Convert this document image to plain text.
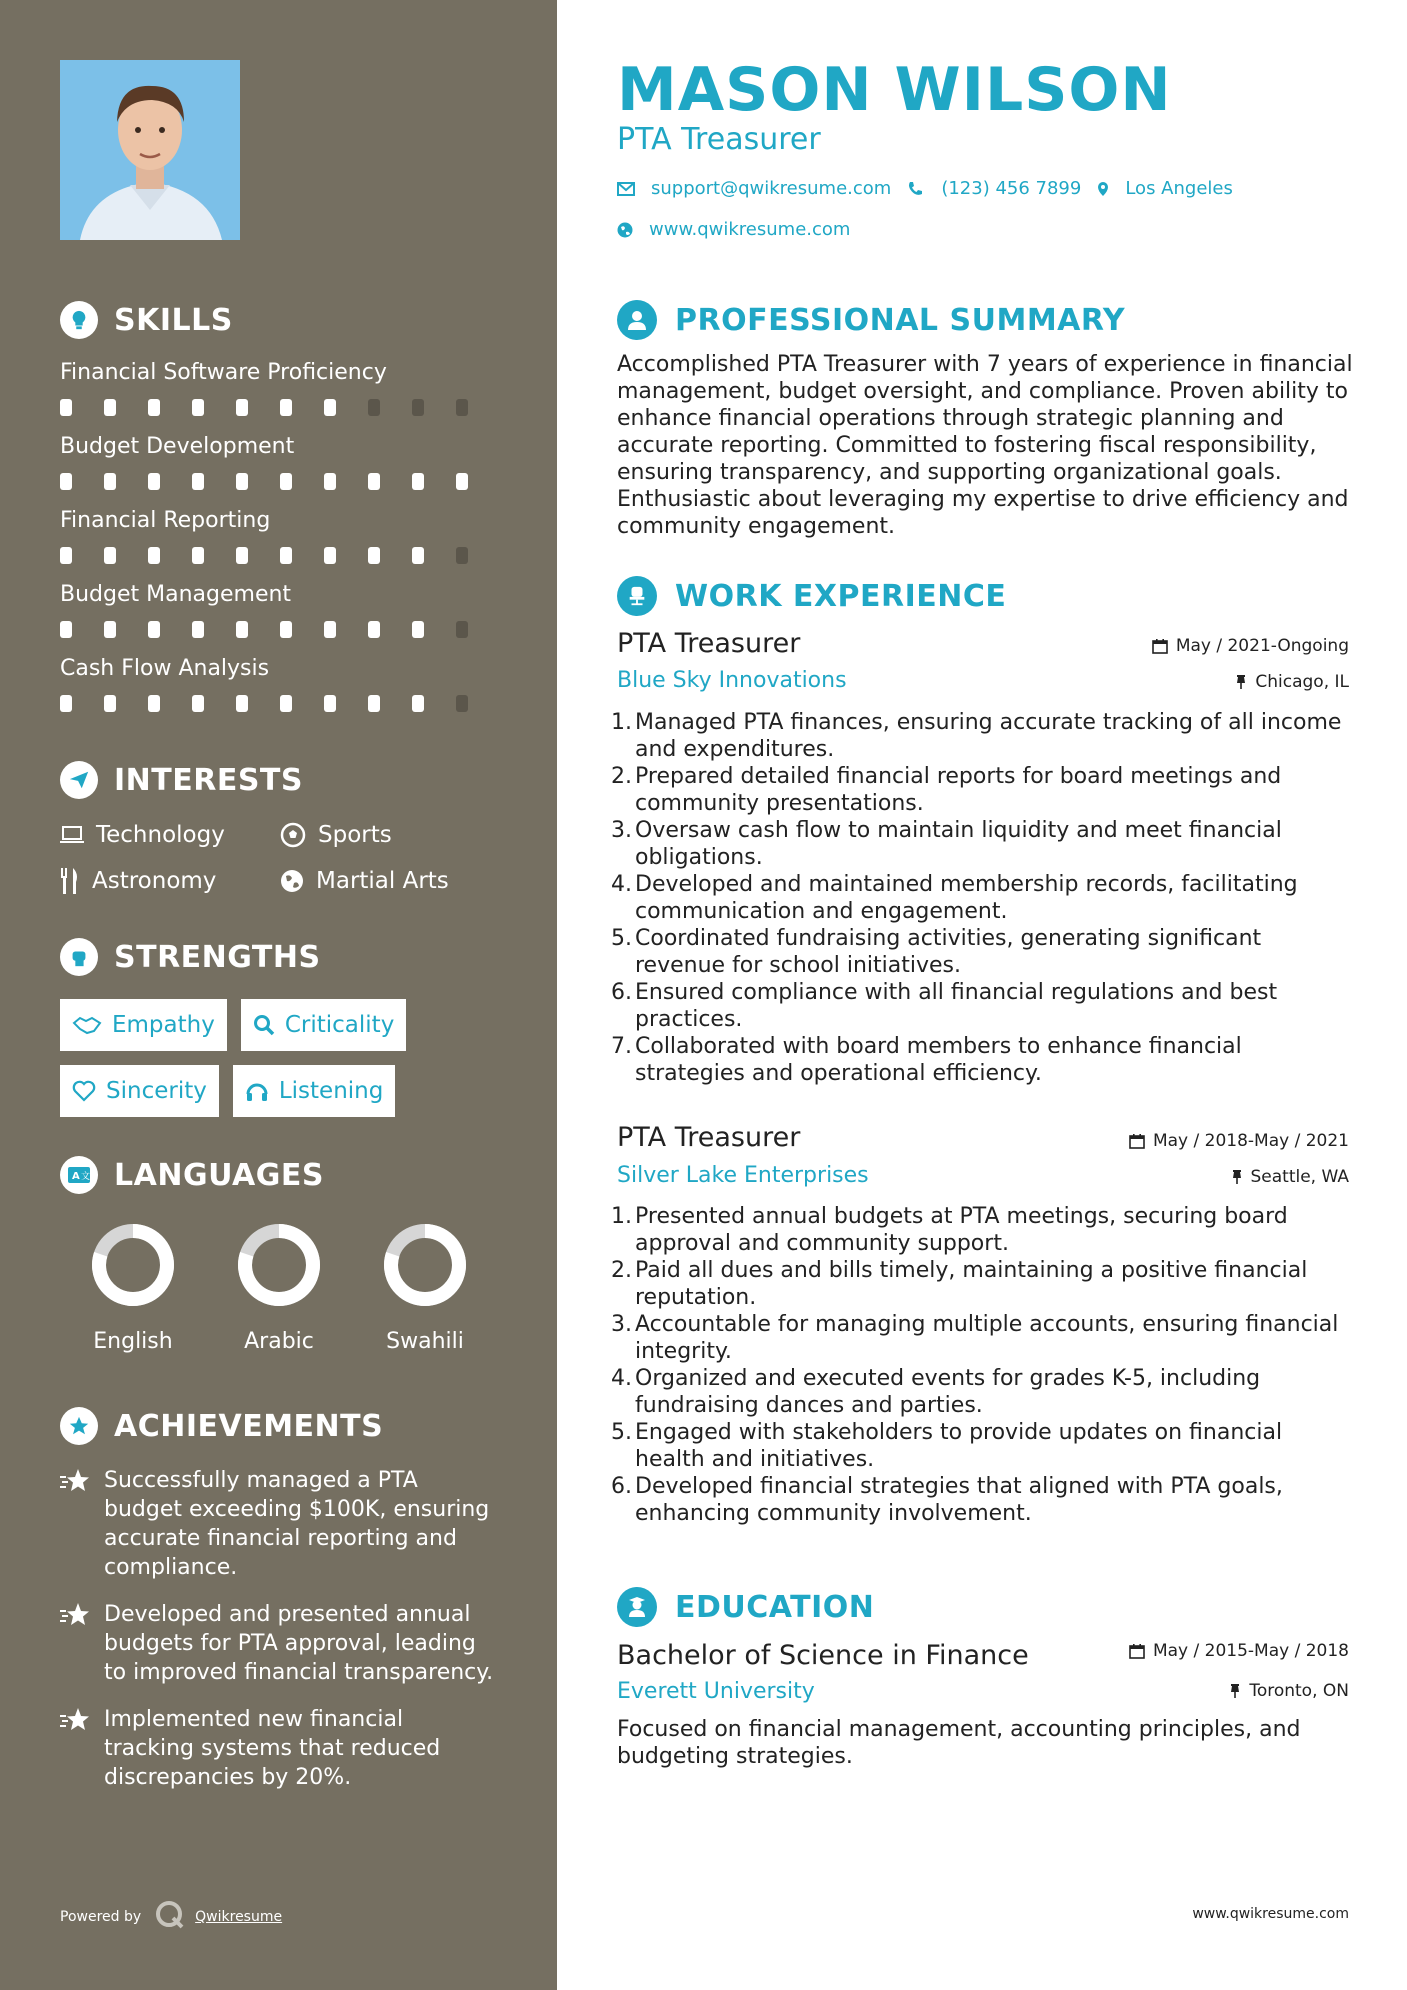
SKILLS
Financial Software Proficiency
Budget Development
Financial Reporting
Budget Management
Cash Flow Analysis
INTERESTS
Technology	Sports
Astronomy	Martial Arts
STRENGTHS
Empathy	Criticality
Sincerity	Listening
A 文 LANGUAGES
English	Arabic	Swahili
ACHIEVEMENTS
Successfully managed a PTA budget exceeding $100K, ensuring accurate financial reporting and compliance.
Developed and presented annual budgets for PTA approval, leading to improved financial transparency.
Implemented new financial tracking systems that reduced discrepancies by 20%.
Powered by	Qwikresume
MASON WILSON
PTA Treasurer
support@qwikresume.com	(123) 456 7899 Los Angeles
www.qwikresume.com
PROFESSIONAL SUMMARY
Accomplished PTA Treasurer with 7 years of experience in financial management, budget oversight, and compliance. Proven ability to enhance financial operations through strategic planning and accurate reporting. Committed to fostering fiscal responsibility, ensuring transparency, and supporting organizational goals. Enthusiastic about leveraging my expertise to drive efficiency and community engagement.
WORK EXPERIENCE
PTA Treasurer	May / 2021-Ongoing
Blue Sky Innovations	Chicago, IL
1. Managed PTA finances, ensuring accurate tracking of all income and expenditures.
2. Prepared detailed financial reports for board meetings and community presentations.
3. Oversaw cash flow to maintain liquidity and meet financial obligations.
4. Developed and maintained membership records, facilitating communication and engagement.
5. Coordinated fundraising activities, generating significant revenue for school initiatives.
6. Ensured compliance with all financial regulations and best practices.
7. Collaborated with board members to enhance financial strategies and operational efficiency.
PTA Treasurer	May / 2018-May / 2021
Silver Lake Enterprises	Seattle, WA
1. Presented annual budgets at PTA meetings, securing board approval and community support.
2. Paid all dues and bills timely, maintaining a positive financial reputation.
3. Accountable for managing multiple accounts, ensuring financial integrity.
4. Organized and executed events for grades K-5, including fundraising dances and parties.
5. Engaged with stakeholders to provide updates on financial health and initiatives.
6. Developed financial strategies that aligned with PTA goals, enhancing community involvement.
EDUCATION
Bachelor of Science in Finance	May / 2015-May / 2018
Everett University	Toronto, ON
Focused on financial management, accounting principles, and budgeting strategies.
www.qwikresume.com
